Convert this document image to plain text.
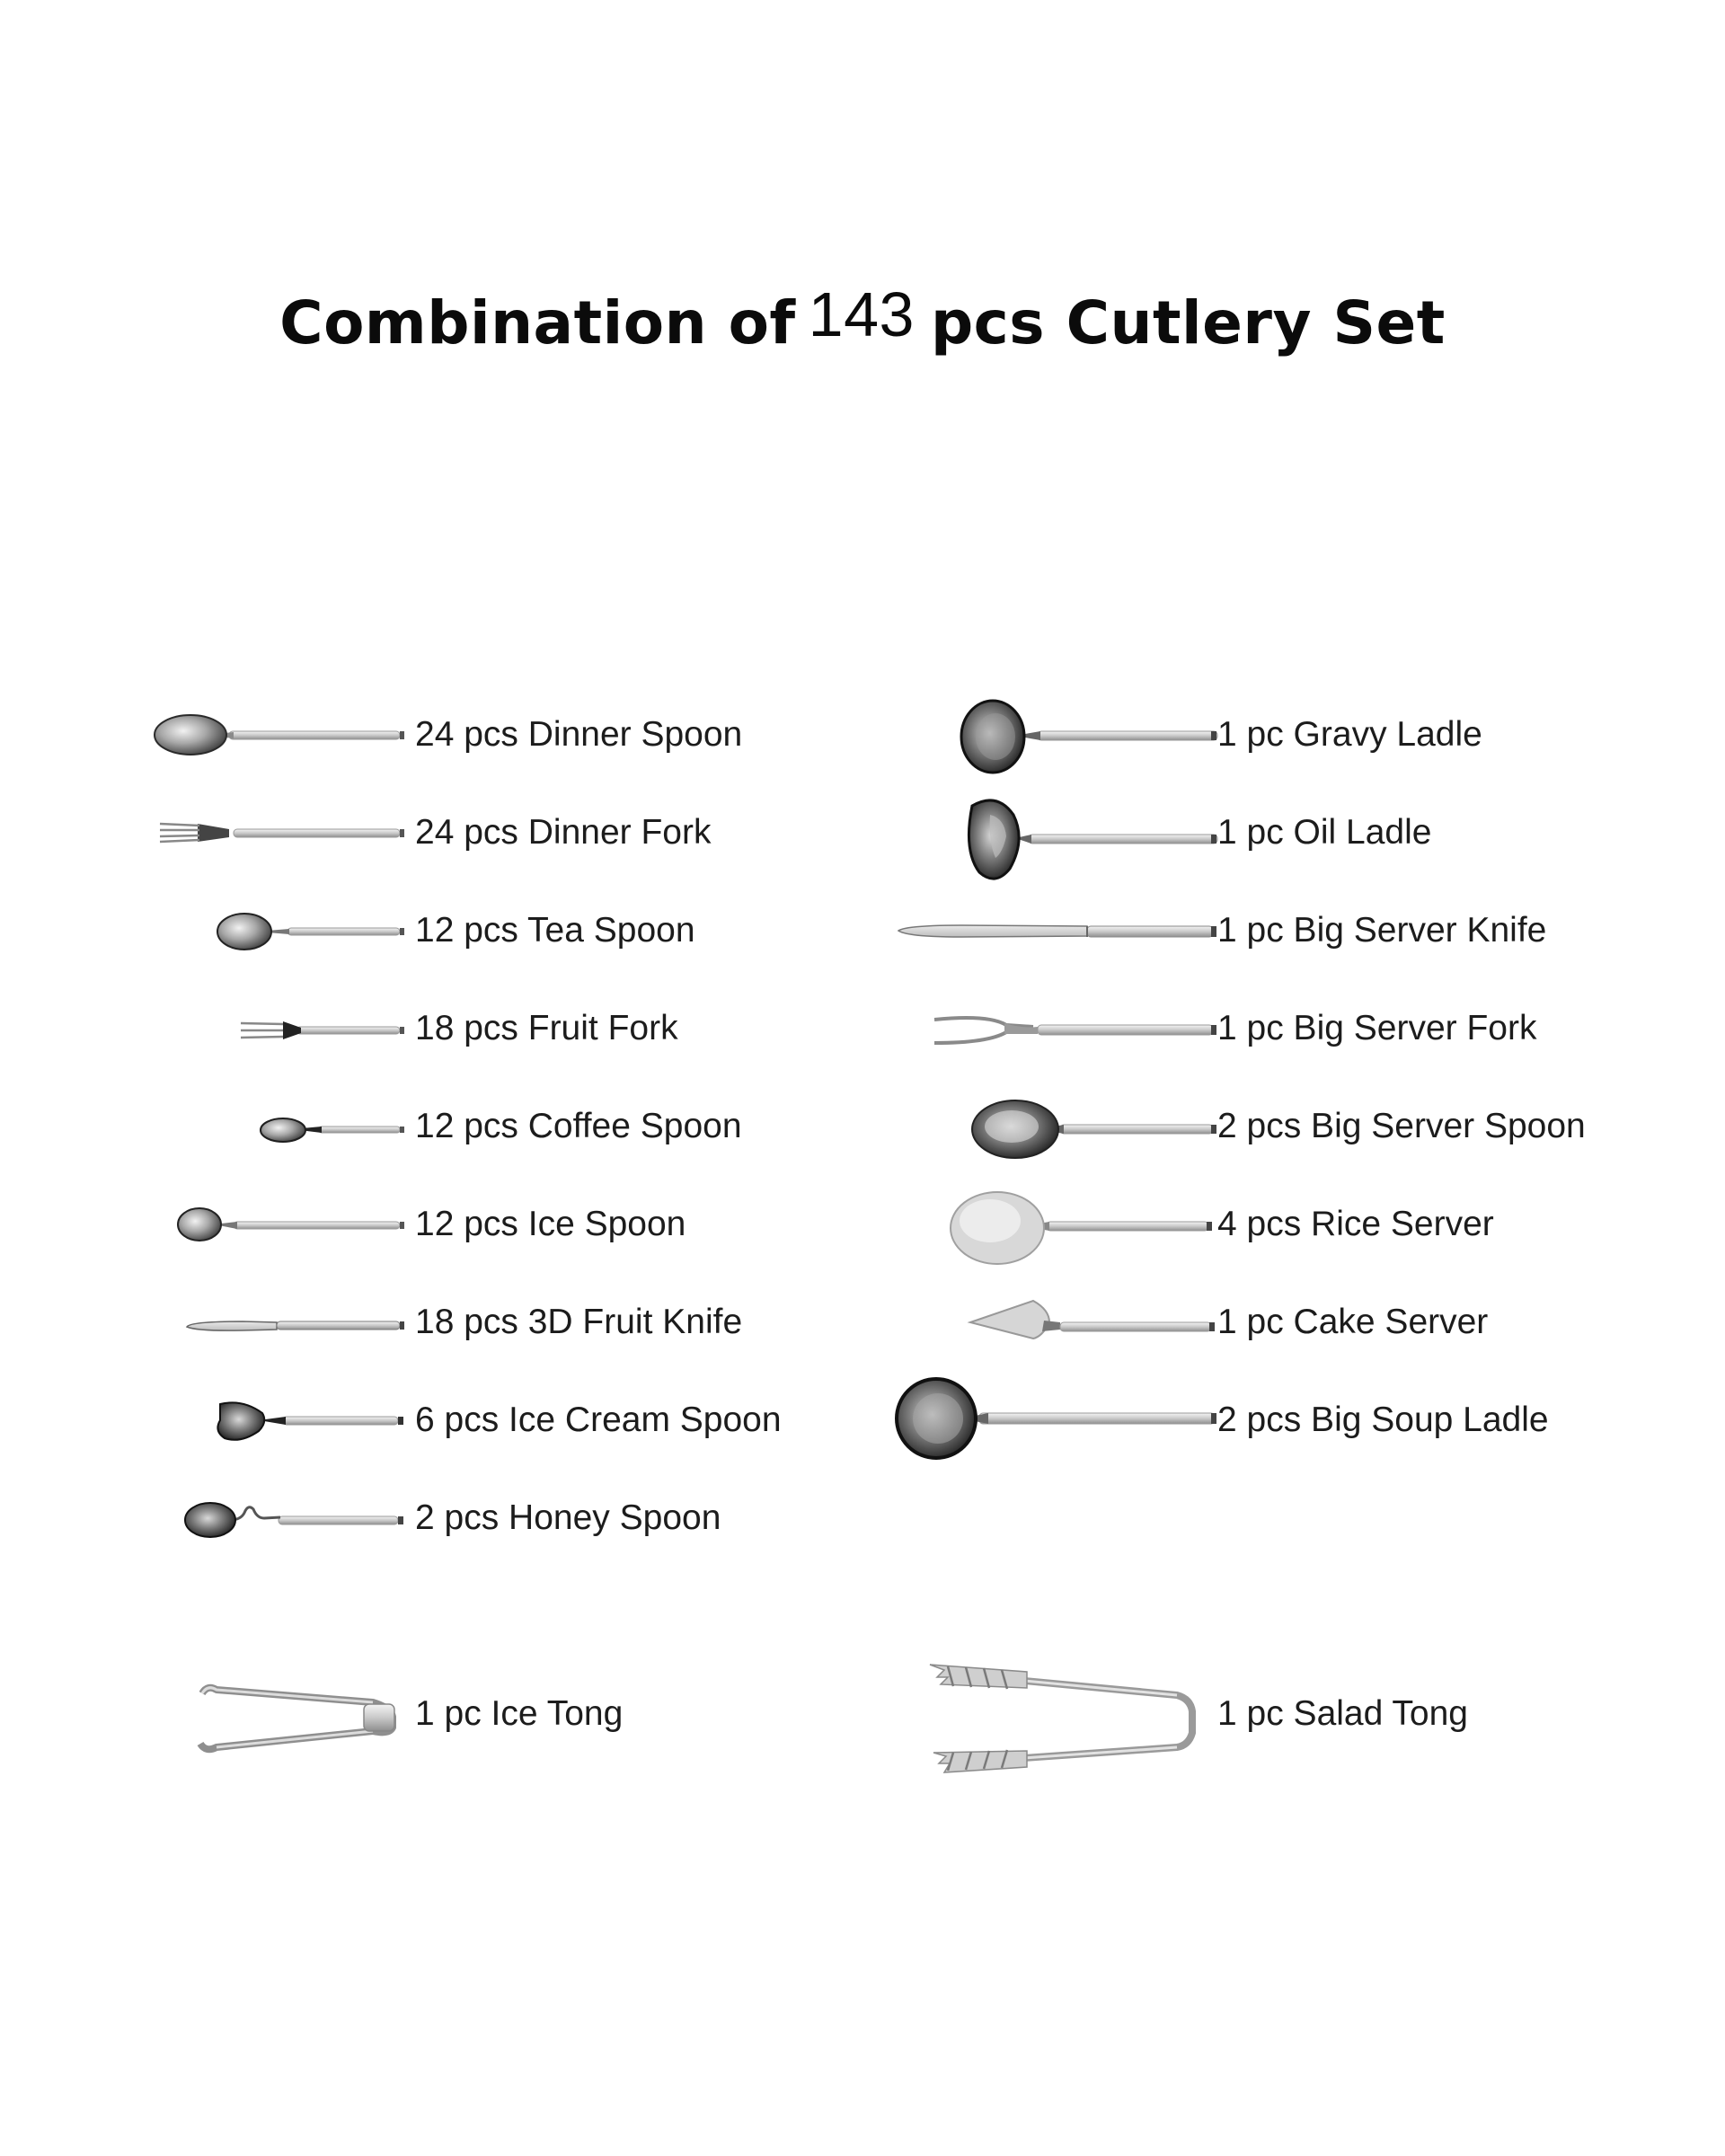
Combination of 143 pcs Cutlery Set
24 pcs Dinner Spoon
24 pcs Dinner Fork
12 pcs Tea Spoon
18 pcs Fruit Fork
12 pcs Coffee Spoon
12 pcs Ice Spoon
18 pcs 3D Fruit Knife
6 pcs Ice Cream Spoon
2 pcs Honey Spoon
1 pc Gravy Ladle
1 pc Oil Ladle
1 pc Big Server Knife
1 pc Big Server Fork
2 pcs Big Server Spoon
4 pcs Rice Server
1 pc Cake Server
2 pcs Big Soup Ladle
1 pc Ice Tong	1 pc Salad Tong
